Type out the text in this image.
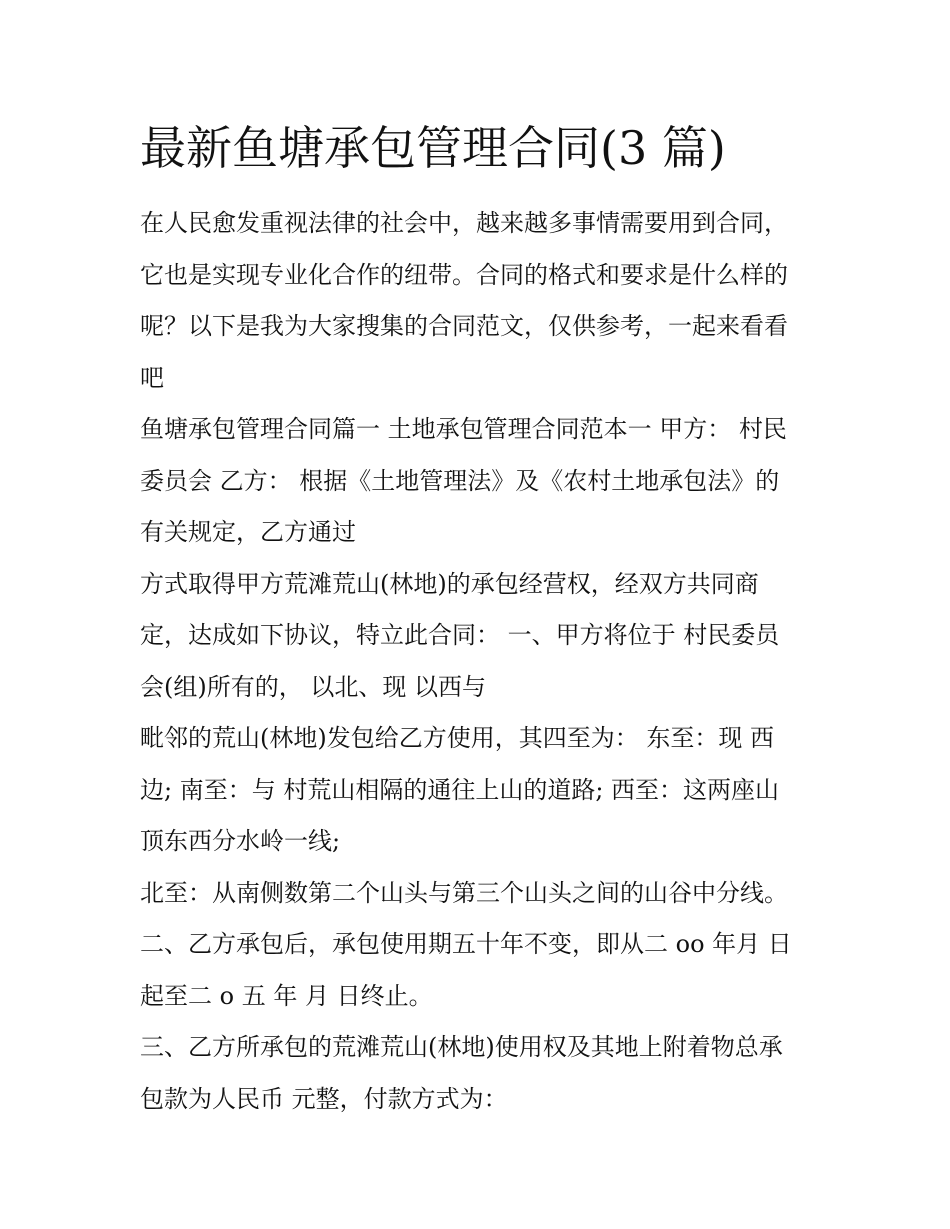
最新鱼塘承包管理合同(3 篇)
在人民愈发重视法律的社会中，越来越多事情需要用到合同，
它也是实现专业化合作的纽带。合同的格式和要求是什么样的
呢？以下是我为大家搜集的合同范文，仅供参考，一起来看看
吧
鱼塘承包管理合同篇一 土地承包管理合同范本一 甲方： 村民
委员会 乙方： 根据《土地管理法》及《农村土地承包法》的
有关规定，乙方通过
方式取得甲方荒滩荒山(林地)的承包经营权，经双方共同商
定，达成如下协议，特立此合同： 一、甲方将位于 村民委员
会(组)所有的， 以北、现 以西与
毗邻的荒山(林地)发包给乙方使用，其四至为： 东至：现 西
边; 南至：与 村荒山相隔的通往上山的道路; 西至：这两座山
顶东西分水岭一线;
北至：从南侧数第二个山头与第三个山头之间的山谷中分线。
二、乙方承包后，承包使用期五十年不变，即从二 oo 年月 日
起至二 o 五 年 月 日终止。
三、乙方所承包的荒滩荒山(林地)使用权及其地上附着物总承
包款为人民币 元整，付款方式为：
